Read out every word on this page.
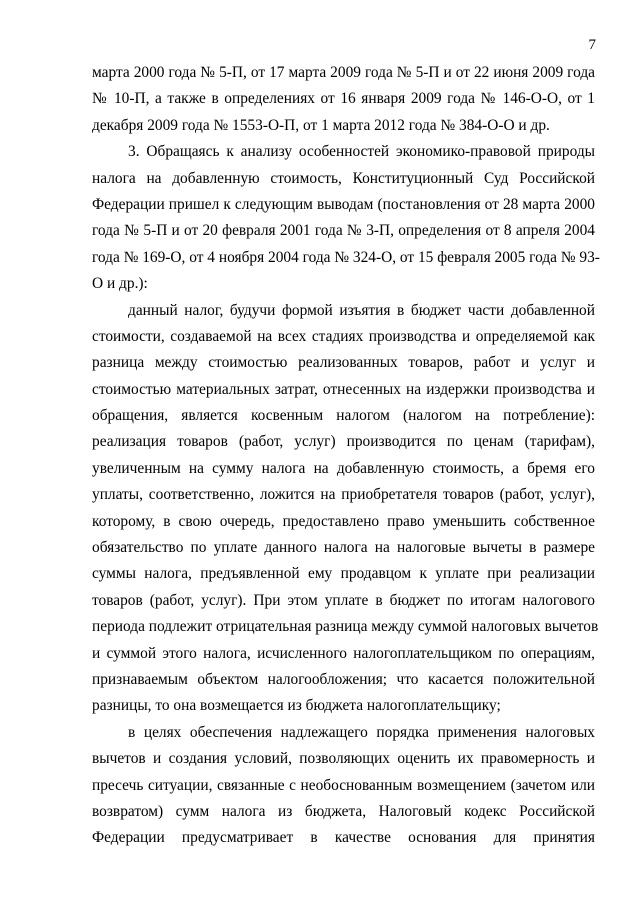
7
марта 2000 года № 5-П, от 17 марта 2009 года № 5-П и от 22 июня 2009 года
№ 10-П, а также в определениях от 16 января 2009 года № 146-О-О, от 1
декабря 2009 года № 1553-О-П, от 1 марта 2012 года № 384-О-О и др.
3. Обращаясь к анализу особенностей экономико-правовой природы
налога на добавленную стоимость, Конституционный Суд Российской
Федерации пришел к следующим выводам (постановления от 28 марта 2000
года № 5-П и от 20 февраля 2001 года № 3-П, определения от 8 апреля 2004
года № 169-О, от 4 ноября 2004 года № 324-О, от 15 февраля 2005 года № 93-
О и др.):
данный налог, будучи формой изъятия в бюджет части добавленной
стоимости, создаваемой на всех стадиях производства и определяемой как
разница между стоимостью реализованных товаров, работ и услуг и
стоимостью материальных затрат, отнесенных на издержки производства и
обращения, является косвенным налогом (налогом на потребление):
реализация товаров (работ, услуг) производится по ценам (тарифам),
увеличенным на сумму налога на добавленную стоимость, а бремя его
уплаты, соответственно, ложится на приобретателя товаров (работ, услуг),
которому, в свою очередь, предоставлено право уменьшить собственное
обязательство по уплате данного налога на налоговые вычеты в размере
суммы налога, предъявленной ему продавцом к уплате при реализации
товаров (работ, услуг). При этом уплате в бюджет по итогам налогового
периода подлежит отрицательная разница между суммой налоговых вычетов
и суммой этого налога, исчисленного налогоплательщиком по операциям,
признаваемым объектом налогообложения; что касается положительной
разницы, то она возмещается из бюджета налогоплательщику;
в целях обеспечения надлежащего порядка применения налоговых
вычетов и создания условий, позволяющих оценить их правомерность и
пресечь ситуации, связанные с необоснованным возмещением (зачетом или
возвратом) сумм налога из бюджета, Налоговый кодекс Российской
Федерации предусматривает в качестве основания для принятия
